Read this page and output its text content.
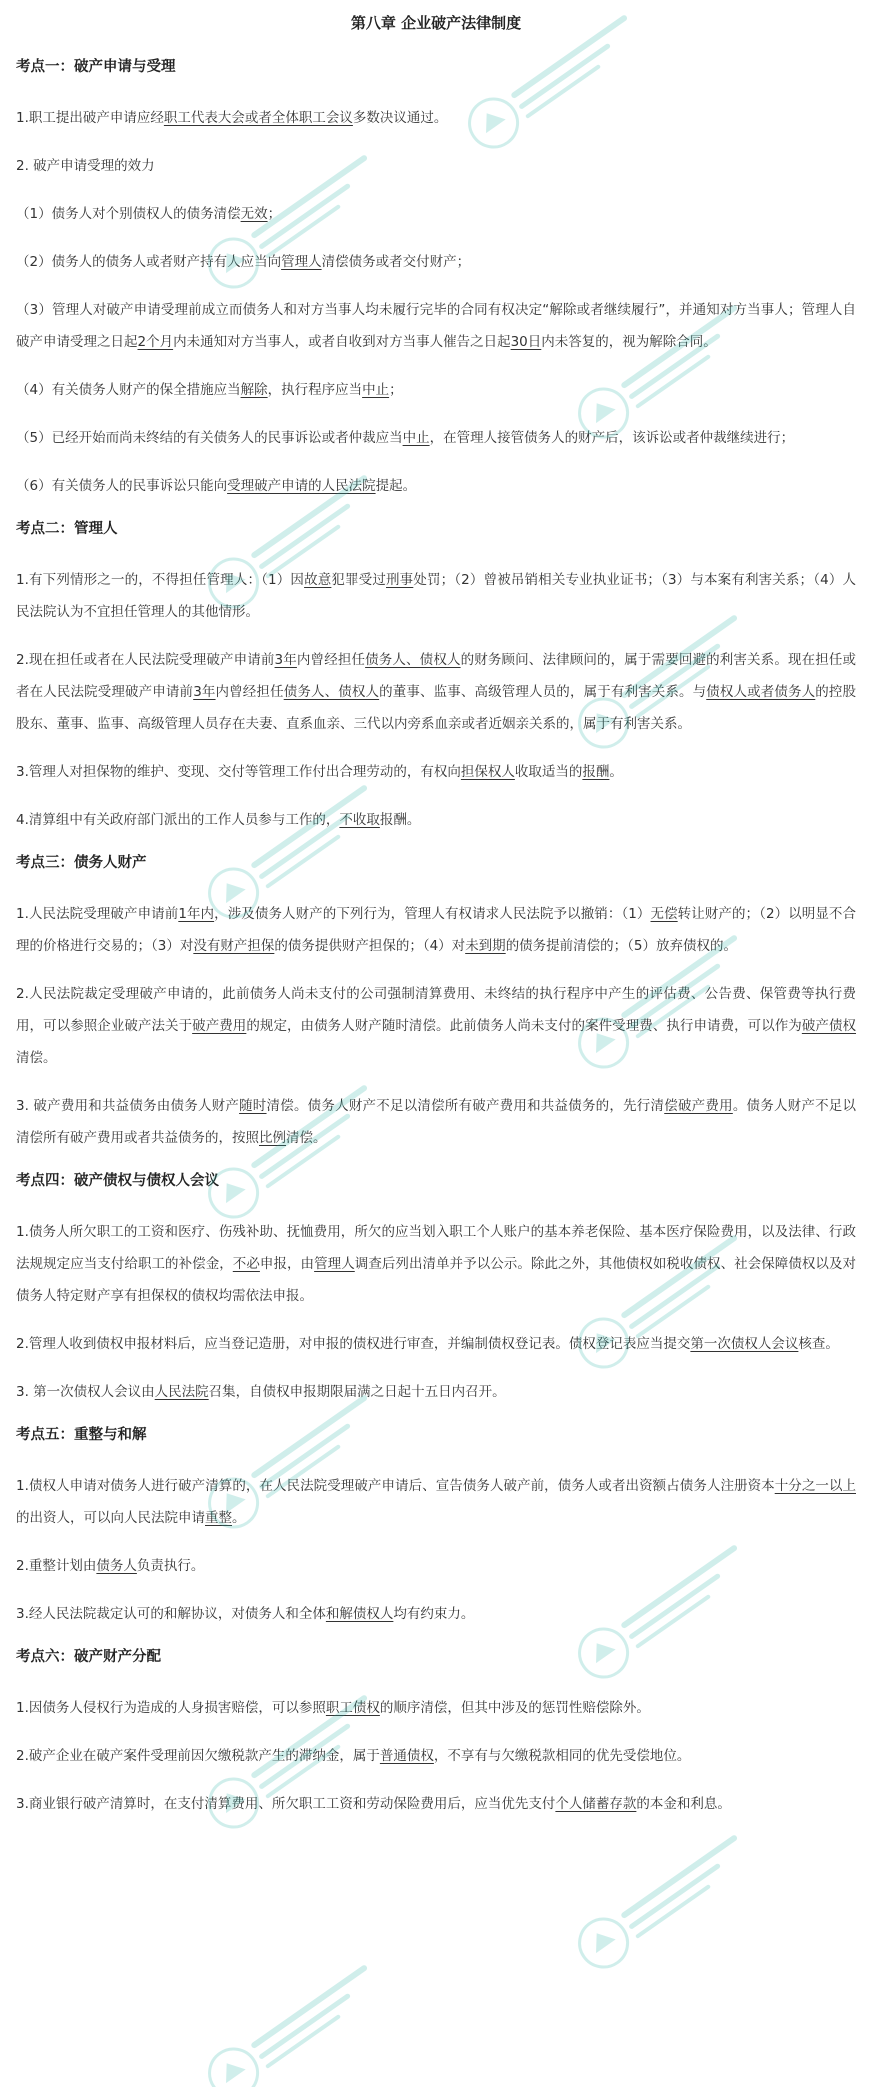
第八章 企业破产法律制度
考点一：破产申请与受理
1.职工提出破产申请应经职工代表大会或者全体职工会议多数决议通过。
2. 破产申请受理的效力
（1）债务人对个别债权人的债务清偿无效；
（2）债务人的债务人或者财产持有人应当向管理人清偿债务或者交付财产；
（3）管理人对破产申请受理前成立而债务人和对方当事人均未履行完毕的合同有权决定“解除或者继续履行”，并通知对方当事人；管理人自破产申请受理之日起2个月内未通知对方当事人，或者自收到对方当事人催告之日起30日内未答复的，视为解除合同。
（4）有关债务人财产的保全措施应当解除，执行程序应当中止；
（5）已经开始而尚未终结的有关债务人的民事诉讼或者仲裁应当中止，在管理人接管债务人的财产后，该诉讼或者仲裁继续进行；
（6）有关债务人的民事诉讼只能向受理破产申请的人民法院提起。
考点二：管理人
1.有下列情形之一的，不得担任管理人：（1）因故意犯罪受过刑事处罚；（2）曾被吊销相关专业执业证书；（3）与本案有利害关系；（4）人民法院认为不宜担任管理人的其他情形。
2.现在担任或者在人民法院受理破产申请前3年内曾经担任债务人、债权人的财务顾问、法律顾问的，属于需要回避的利害关系。现在担任或者在人民法院受理破产申请前3年内曾经担任债务人、债权人的董事、监事、高级管理人员的，属于有利害关系。与债权人或者债务人的控股股东、董事、监事、高级管理人员存在夫妻、直系血亲、三代以内旁系血亲或者近姻亲关系的，属于有利害关系。
3.管理人对担保物的维护、变现、交付等管理工作付出合理劳动的，有权向担保权人收取适当的报酬。
4.清算组中有关政府部门派出的工作人员参与工作的，不收取报酬。
考点三：债务人财产
1.人民法院受理破产申请前1年内，涉及债务人财产的下列行为，管理人有权请求人民法院予以撤销：（1）无偿转让财产的；（2）以明显不合理的价格进行交易的；（3）对没有财产担保的债务提供财产担保的；（4）对未到期的债务提前清偿的；（5）放弃债权的。
2.人民法院裁定受理破产申请的，此前债务人尚未支付的公司强制清算费用、未终结的执行程序中产生的评估费、公告费、保管费等执行费用，可以参照企业破产法关于破产费用的规定，由债务人财产随时清偿。此前债务人尚未支付的案件受理费、执行申请费，可以作为破产债权清偿。
3. 破产费用和共益债务由债务人财产随时清偿。债务人财产不足以清偿所有破产费用和共益债务的，先行清偿破产费用。债务人财产不足以清偿所有破产费用或者共益债务的，按照比例清偿。
考点四：破产债权与债权人会议
1.债务人所欠职工的工资和医疗、伤残补助、抚恤费用，所欠的应当划入职工个人账户的基本养老保险、基本医疗保险费用，以及法律、行政法规规定应当支付给职工的补偿金，不必申报，由管理人调查后列出清单并予以公示。除此之外，其他债权如税收债权、社会保障债权以及对债务人特定财产享有担保权的债权均需依法申报。
2.管理人收到债权申报材料后，应当登记造册，对申报的债权进行审查，并编制债权登记表。债权登记表应当提交第一次债权人会议核查。
3. 第一次债权人会议由人民法院召集，自债权申报期限届满之日起十五日内召开。
考点五：重整与和解
1.债权人申请对债务人进行破产清算的，在人民法院受理破产申请后、宣告债务人破产前，债务人或者出资额占债务人注册资本十分之一以上的出资人，可以向人民法院申请重整。
2.重整计划由债务人负责执行。
3.经人民法院裁定认可的和解协议，对债务人和全体和解债权人均有约束力。
考点六：破产财产分配
1.因债务人侵权行为造成的人身损害赔偿，可以参照职工债权的顺序清偿，但其中涉及的惩罚性赔偿除外。
2.破产企业在破产案件受理前因欠缴税款产生的滞纳金，属于普通债权，不享有与欠缴税款相同的优先受偿地位。
3.商业银行破产清算时，在支付清算费用、所欠职工工资和劳动保险费用后，应当优先支付个人储蓄存款的本金和利息。
